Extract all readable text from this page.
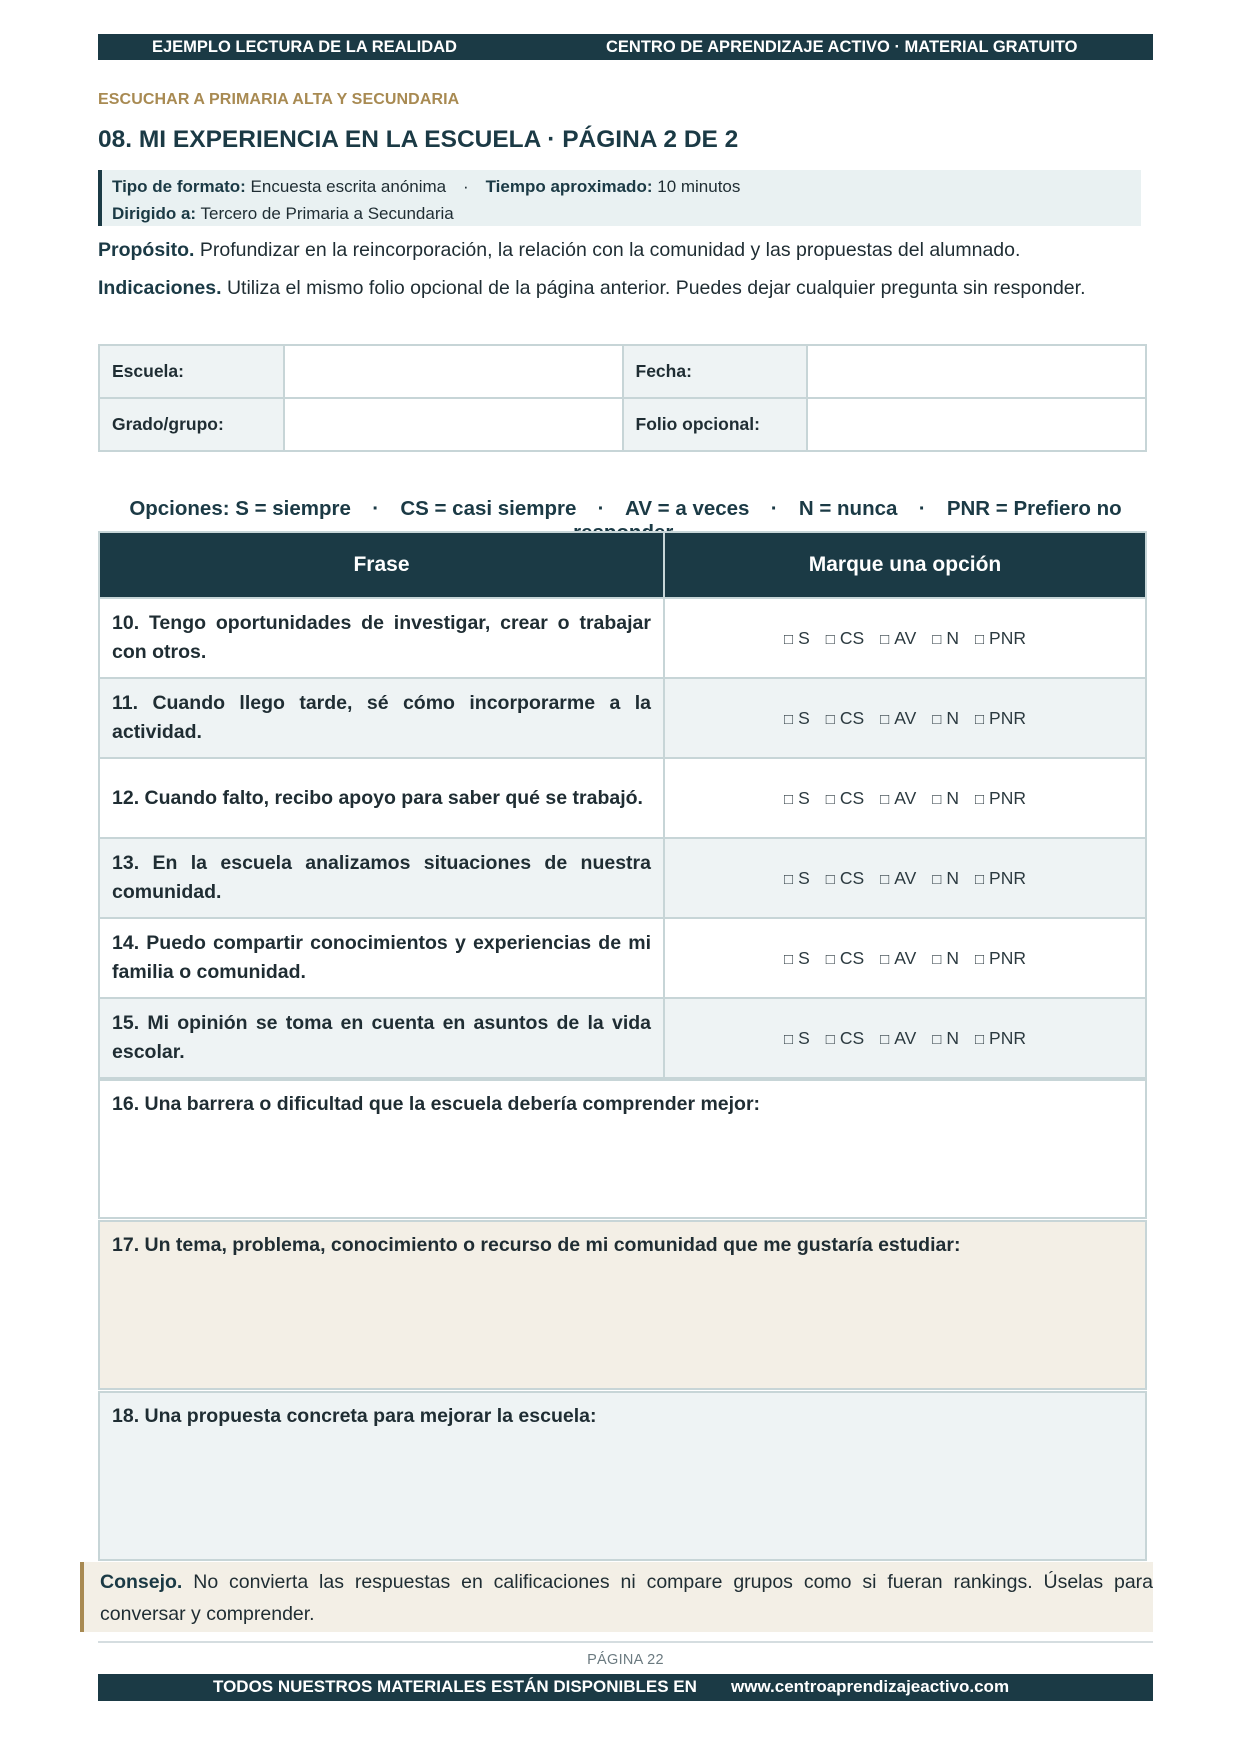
EJEMPLO LECTURA DE LA REALIDAD	CENTRO DE APRENDIZAJE ACTIVO · MATERIAL GRATUITO
ESCUCHAR A PRIMARIA ALTA Y SECUNDARIA
08. MI EXPERIENCIA EN LA ESCUELA · PÁGINA 2 DE 2
Tipo de formato: Encuesta escrita anónima · Tiempo aproximado: 10 minutos
Dirigido a: Tercero de Primaria a Secundaria

Propósito. Profundizar en la reincorporación, la relación con la comunidad y las propuestas del alumnado.

Indicaciones. Utiliza el mismo folio opcional de la página anterior. Puedes dejar cualquier pregunta sin responder.

Escuela:		Fecha:	
Grado/grupo:		Folio opcional:	
Opciones: S = siempre · CS = casi siempre · AV = a veces · N = nunca · PNR = Prefiero no
Frase	Marque una opción
10. Tengo oportunidades de investigar, crear o trabajar con otros.	□ S □ CS □ AV □ N □ PNR
11. Cuando llego tarde, sé cómo incorporarme a la actividad.	□ S □ CS □ AV □ N □ PNR
12. Cuando falto, recibo apoyo para saber qué se trabajó.	□ S □ CS □ AV □ N □ PNR
13. En la escuela analizamos situaciones de nuestra comunidad.	□ S □ CS □ AV □ N □ PNR
14. Puedo compartir conocimientos y experiencias de mi familia o comunidad.	□ S □ CS □ AV □ N □ PNR
15. Mi opinión se toma en cuenta en asuntos de la vida escolar.	□ S □ CS □ AV □ N □ PNR
16. Una barrera o dificultad que la escuela debería comprender mejor:
17. Un tema, problema, conocimiento o recurso de mi comunidad que me gustaría estudiar:
18. Una propuesta concreta para mejorar la escuela:

Consejo. No convierta las respuestas en calificaciones ni compare grupos como si fueran rankings. Úselas para conversar y comprender.

PÁGINA 22
TODOS NUESTROS MATERIALES ESTÁN DISPONIBLES EN www.centroaprendizajeactivo.com
